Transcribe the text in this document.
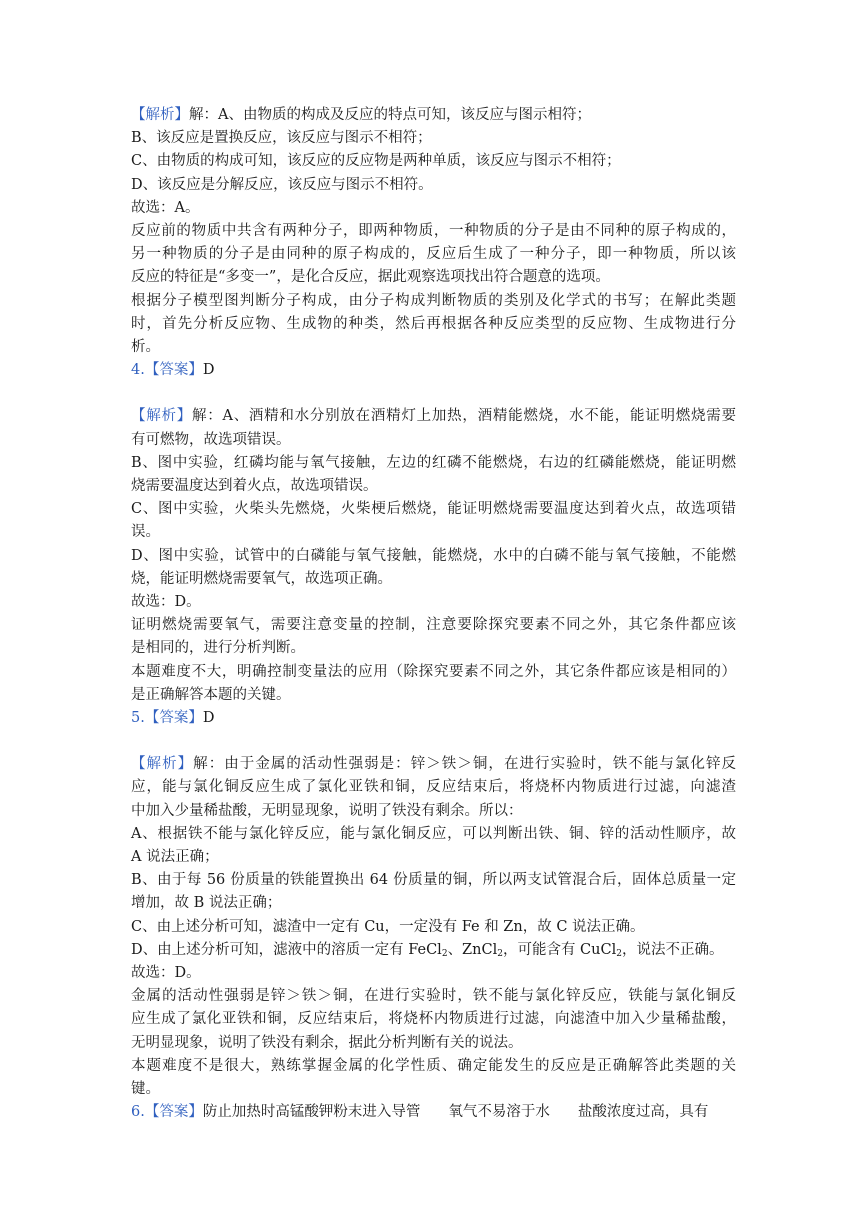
【解析】解：A、由物质的构成及反应的特点可知，该反应与图示相符；
B、该反应是置换反应，该反应与图示不相符；
C、由物质的构成可知，该反应的反应物是两种单质，该反应与图示不相符；
D、该反应是分解反应，该反应与图示不相符。
故选：A。
反应前的物质中共含有两种分子，即两种物质，一种物质的分子是由不同种的原子构成的，
另一种物质的分子是由同种的原子构成的，反应后生成了一种分子，即一种物质，所以该
反应的特征是“多变一”，是化合反应，据此观察选项找出符合题意的选项。
根据分子模型图判断分子构成，由分子构成判断物质的类别及化学式的书写；在解此类题
时，首先分析反应物、生成物的种类，然后再根据各种反应类型的反应物、生成物进行分
析。
4.【答案】D
【解析】解：A、酒精和水分别放在酒精灯上加热，酒精能燃烧，水不能，能证明燃烧需要
有可燃物，故选项错误。
B、图中实验，红磷均能与氧气接触，左边的红磷不能燃烧，右边的红磷能燃烧，能证明燃
烧需要温度达到着火点，故选项错误。
C、图中实验，火柴头先燃烧，火柴梗后燃烧，能证明燃烧需要温度达到着火点，故选项错
误。
D、图中实验，试管中的白磷能与氧气接触，能燃烧，水中的白磷不能与氧气接触，不能燃
烧，能证明燃烧需要氧气，故选项正确。
故选：D。
证明燃烧需要氧气，需要注意变量的控制，注意要除探究要素不同之外，其它条件都应该
是相同的，进行分析判断。
本题难度不大，明确控制变量法的应用（除探究要素不同之外，其它条件都应该是相同的）
是正确解答本题的关键。
5.【答案】D
【解析】解：由于金属的活动性强弱是：锌＞铁＞铜，在进行实验时，铁不能与氯化锌反
应，能与氯化铜反应生成了氯化亚铁和铜，反应结束后，将烧杯内物质进行过滤，向滤渣
中加入少量稀盐酸，无明显现象，说明了铁没有剩余。所以：
A、根据铁不能与氯化锌反应，能与氯化铜反应，可以判断出铁、铜、锌的活动性顺序，故
A 说法正确；
B、由于每 56 份质量的铁能置换出 64 份质量的铜，所以两支试管混合后，固体总质量一定
增加，故 B 说法正确；
C、由上述分析可知，滤渣中一定有 Cu，一定没有 Fe 和 Zn，故 C 说法正确。
D、由上述分析可知，滤液中的溶质一定有 FeCl$_2$、ZnCl$_2$，可能含有 CuCl$_2$，说法不正确。
故选：D。
金属的活动性强弱是锌＞铁＞铜，在进行实验时，铁不能与氯化锌反应，铁能与氯化铜反
应生成了氯化亚铁和铜，反应结束后，将烧杯内物质进行过滤，向滤渣中加入少量稀盐酸，
无明显现象，说明了铁没有剩余，据此分析判断有关的说法。
本题难度不是很大，熟练掌握金属的化学性质、确定能发生的反应是正确解答此类题的关
键。
6.【答案】防止加热时高锰酸钾粉末进入导管 氧气不易溶于水 盐酸浓度过高，具有
